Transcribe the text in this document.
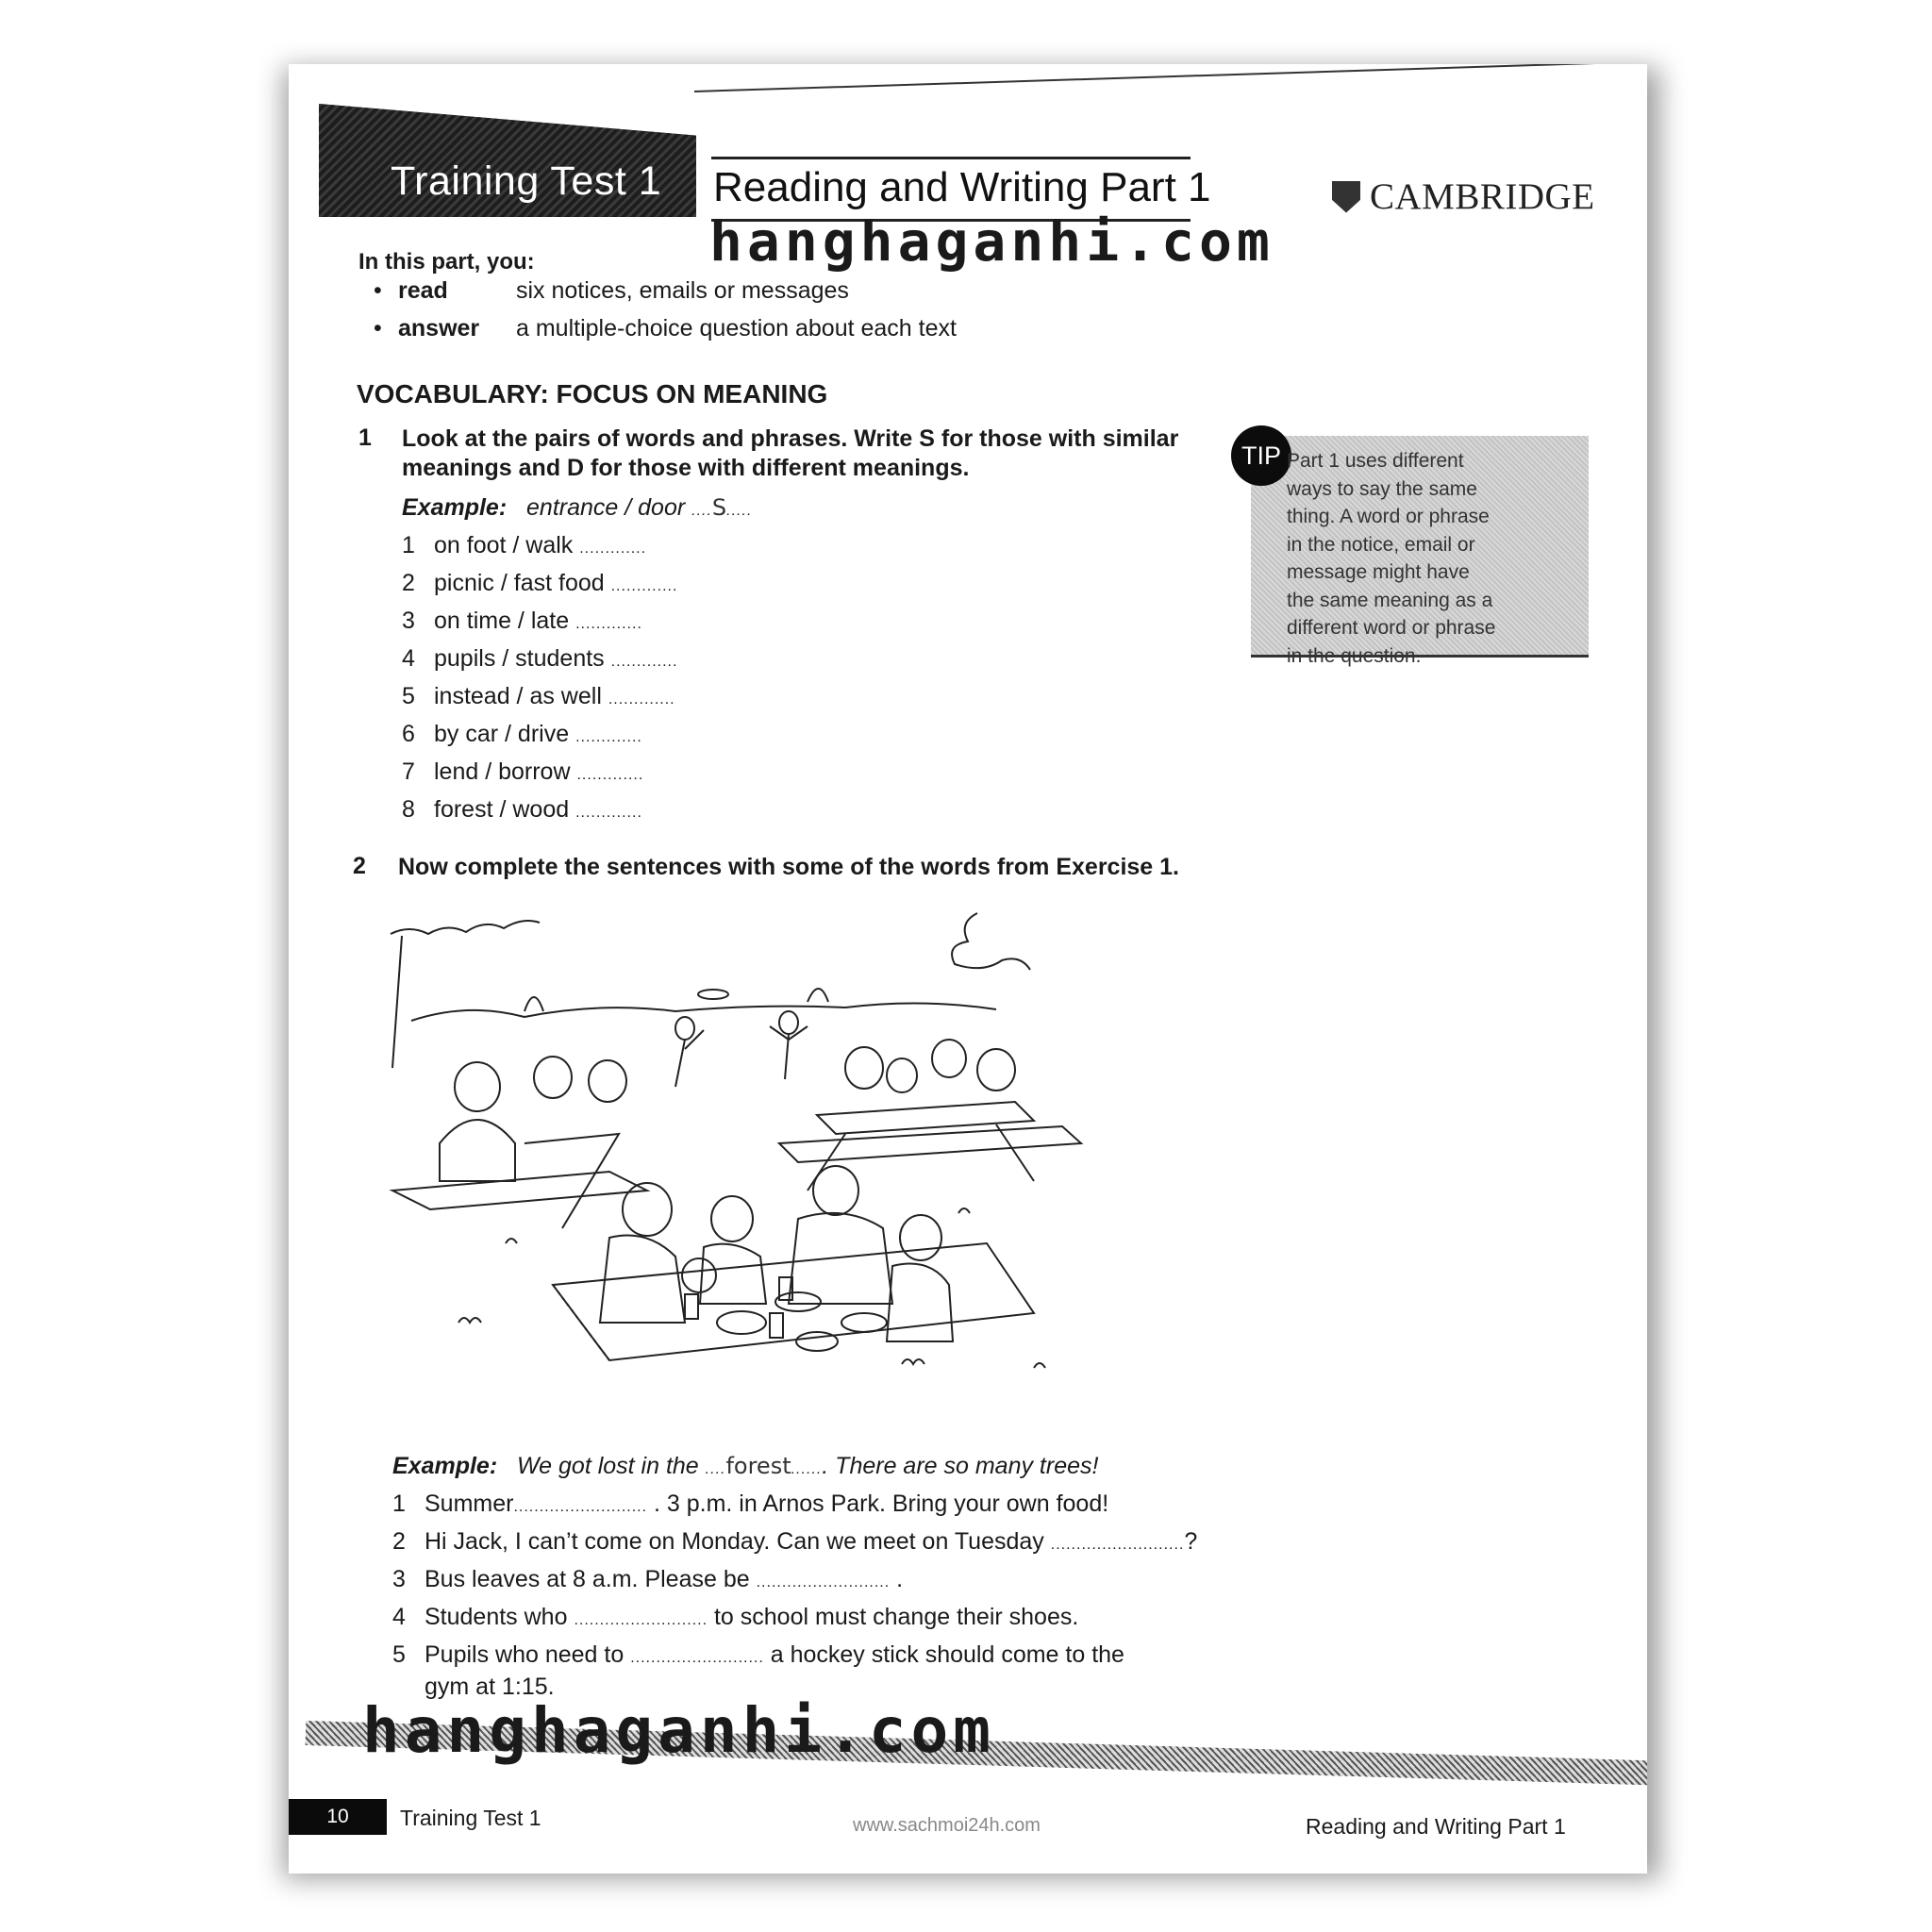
Training Test 1 Reading and Writing Part 1	CAMBRIDGE
In this part, you:
• read	six notices, emails or messages
• answer	a multiple-choice question about each text
VOCABULARY: FOCUS ON MEANING
1 Look at the pairs of words and phrases. Write S for those with similar
meanings and D for those with different meanings.
Example: entrance / door ....S.....
1 on foot / walk .............
2 picnic / fast food .............
3 on time / late .............
4 pupils / students .............
5 instead / as well .............
6 by car / drive .............
7 lend / borrow .............
8 forest / wood .............
TIP Part 1 uses different
ways to say the same
thing. A word or phrase
in the notice, email or
message might have
the same meaning as a
different word or phrase
in the question.
2 Now complete the sentences with some of the words from Exercise 1.
Example: We got lost in the ....forest....... There are so many trees!
1 Summer.......................... . 3 p.m. in Arnos Park. Bring your own food!
2 Hi Jack, I can’t come on Monday. Can we meet on Tuesday ..........................?
3 Bus leaves at 8 a.m. Please be .......................... .
4 Students who .......................... to school must change their shoes.
5 Pupils who need to .......................... a hockey stick should come to the
gym at 1:15.
10	Training Test 1	www.sachmoi24h.com	Reading and Writing Part 1
hanghaganhi.com
hanghaganhi.com
